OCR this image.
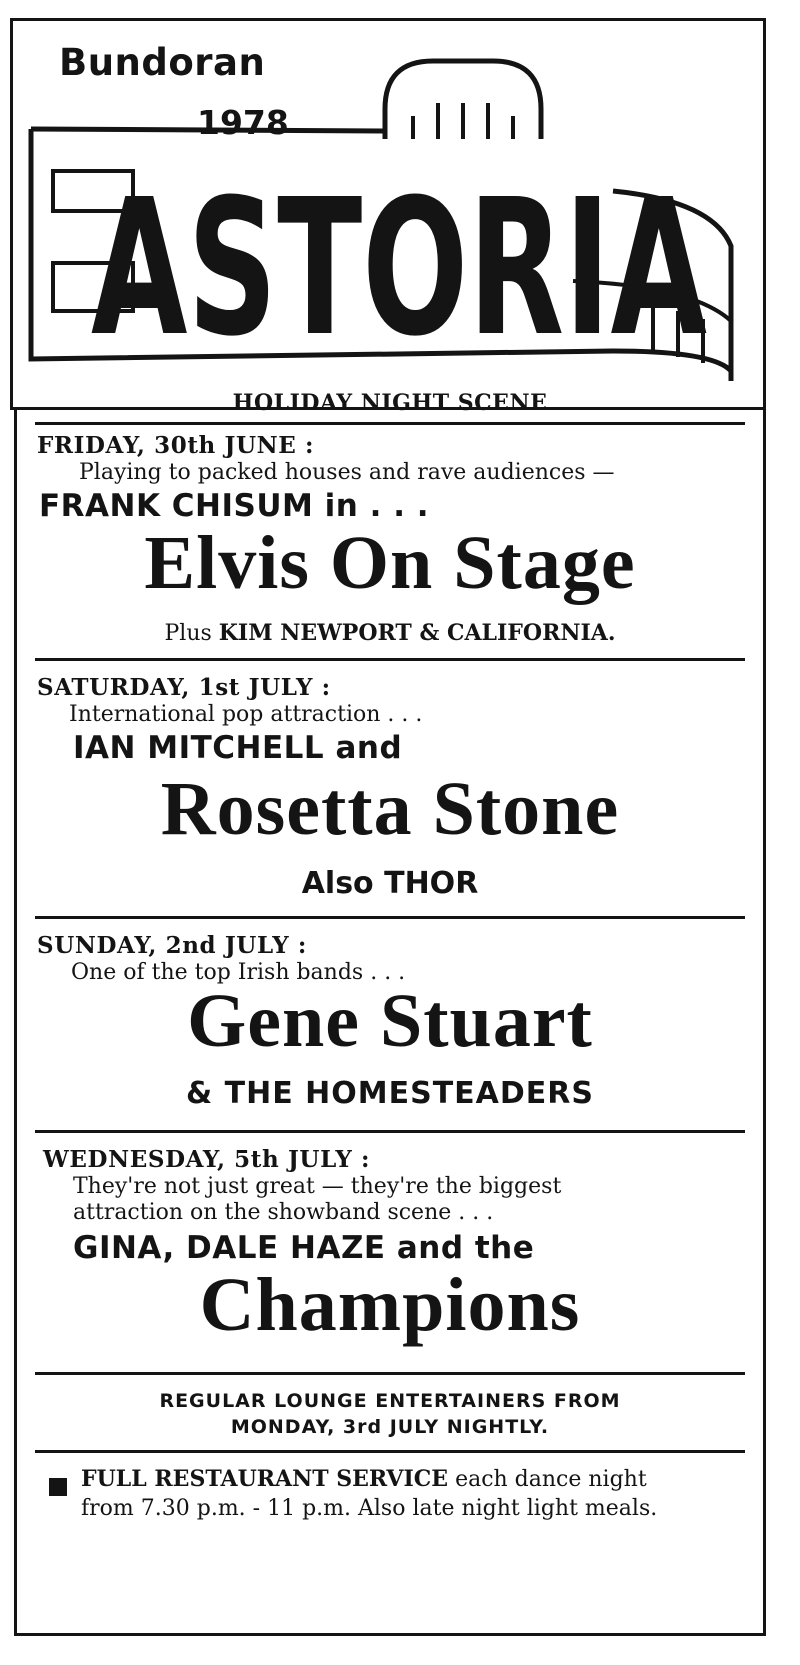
ASTORIA
Bundoran
1978
HOLIDAY NIGHT SCENE
FRIDAY, 30th JUNE :
Playing to packed houses and rave audiences —
FRANK CHISUM in . . .
Elvis On Stage
Plus KIM NEWPORT & CALIFORNIA.
SATURDAY, 1st JULY :
International pop attraction . . .
IAN MITCHELL and
Rosetta Stone
Also THOR
SUNDAY, 2nd JULY :
One of the top Irish bands . . .
Gene Stuart
& THE HOMESTEADERS
WEDNESDAY, 5th JULY :
They're not just great — they're the biggest
attraction on the showband scene . . .
GINA, DALE HAZE and the
Champions
REGULAR LOUNGE ENTERTAINERS FROM
MONDAY, 3rd JULY NIGHTLY.
FULL RESTAURANT SERVICE each dance night
from 7.30 p.m. - 11 p.m. Also late night light meals.
